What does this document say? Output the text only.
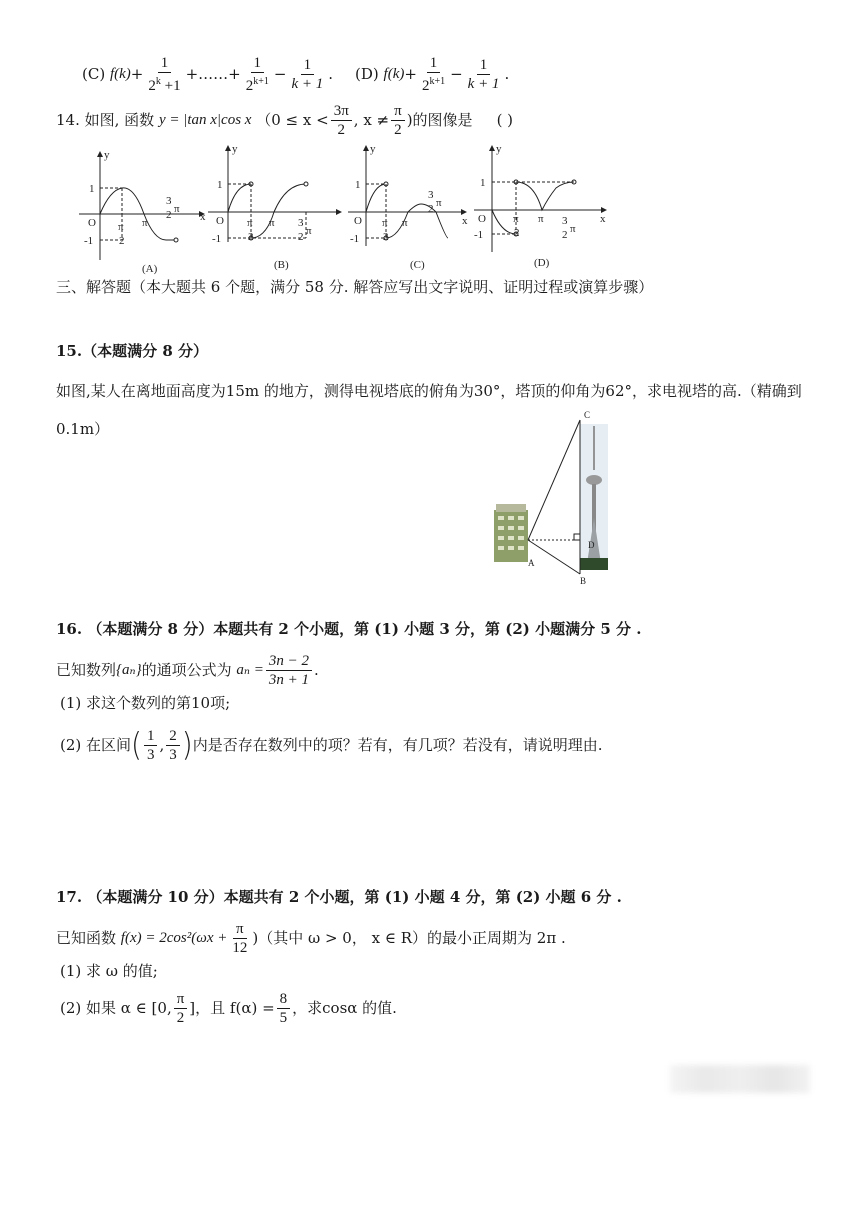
(C)
$f(k) + \frac{1}{2^k +1}$ +……+ $\frac{1}{2^{k+1}} - \frac{1}{k + 1}$ . (D)
$f(k) + \frac{1}{2^{k+1}} - \frac{1}{k + 1}$ .
14. 如图, 函数
y = |tan x|cos x
（$0 \le x < \frac{3\pi}{2}$ , $x \ne \frac{\pi}{2}$ )的图像是 ( )
y
O
1
-1
π
2
π
3
2 π
(A)
y
O
1
-1
π
2
π 3
2 π
x
(B)
y
O
1
-1
π
2
π
3
2 π
x
(C)
y
O
1
-1
π
2
π 3
2 π
x
(D)
三、解答题（本大题共 6 个题，满分 58 分. 解答应写出文字说明、证明过程或演算步骤）
15.（本题满分 8 分）
如图,某人在离地面高度为15m 的地方，测得电视塔底的俯角为30°，塔顶的仰角为62°，求电视塔的高.（精确到
0.1m）
C
D
A
B
16. （本题满分 8 分）本题共有 2 个小题，第 (1) 小题 3 分，第 (2) 小题满分 5 分 .
已知数列 {aₙ} 的通项公式为
$a_n = \frac{3n - 2}{3n + 1}$ .
(1) 求这个数列的第10项;
(2) 在区间 ( $\frac{1}{3}$ , $\frac{2}{3}$ ) 内是否存在数列中的项？若有，有几项？若没有，请说明理由.
17. （本题满分 10 分）本题共有 2 个小题，第 (1) 小题 4 分，第 (2) 小题 6 分 .
已知函数
$f(x) = 2\cos^2(\omega x + \frac{\pi}{12}$ )（其中 ω > 0， x ∈ R）的最小正周期为 2π .
(1) 求 ω 的值;
(2) 如果 α ∈ [0, $\frac{\pi}{2}$ ]，且 $f(\alpha) = \frac{8}{5}$ ，求cosα 的值.
